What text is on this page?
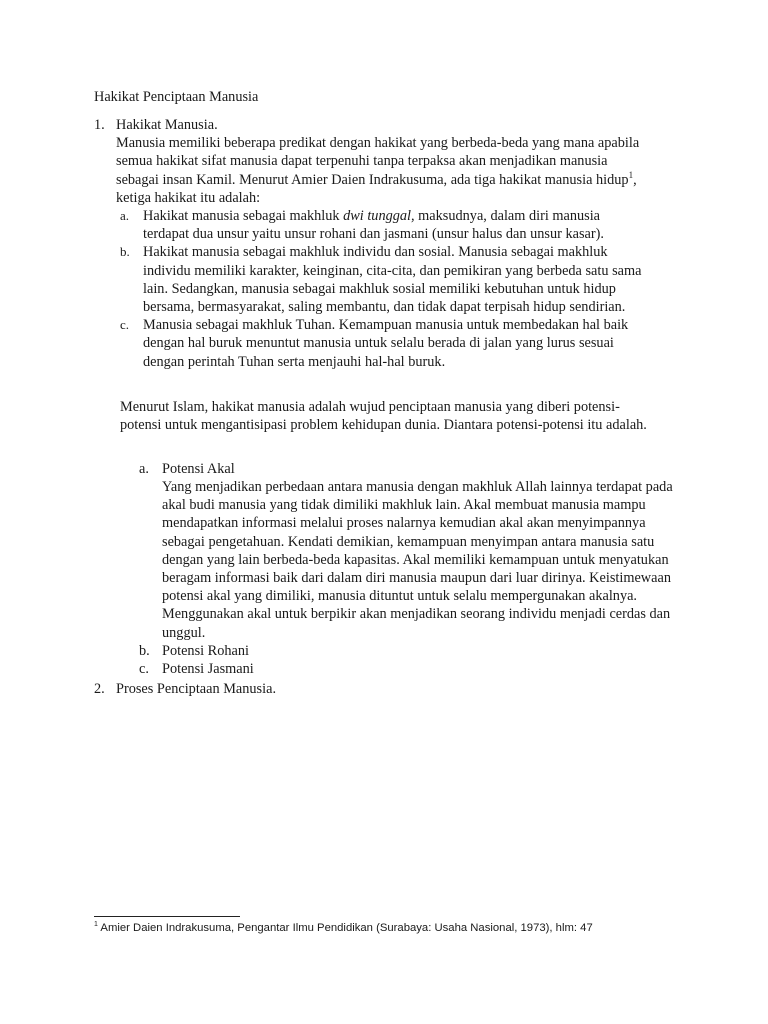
Hakikat Penciptaan Manusia
1. Hakikat Manusia.

Manusia memiliki beberapa predikat dengan hakikat yang berbeda-beda yang mana apabila semua hakikat sifat manusia dapat terpenuhi tanpa terpaksa akan menjadikan manusia sebagai insan Kamil. Menurut Amier Daien Indrakusuma, ada tiga hakikat manusia hidup$^1$, ketiga hakikat itu adalah:

a. Hakikat manusia sebagai makhluk dwi tunggal, maksudnya, dalam diri manusia terdapat dua unsur yaitu unsur rohani dan jasmani (unsur halus dan unsur kasar).
b. Hakikat manusia sebagai makhluk individu dan sosial. Manusia sebagai makhluk individu memiliki karakter, keinginan, cita-cita, dan pemikiran yang berbeda satu sama lain. Sedangkan, manusia sebagai makhluk sosial memiliki kebutuhan untuk hidup bersama, bermasyarakat, saling membantu, dan tidak dapat terpisah hidup sendirian.
c. Manusia sebagai makhluk Tuhan. Kemampuan manusia untuk membedakan hal baik dengan hal buruk menuntut manusia untuk selalu berada di jalan yang lurus sesuai dengan perintah Tuhan serta menjauhi hal-hal buruk.

Menurut Islam, hakikat manusia adalah wujud penciptaan manusia yang diberi potensi-potensi untuk mengantisipasi problem kehidupan dunia. Diantara potensi-potensi itu adalah.

a. Potensi Akal

Yang menjadikan perbedaan antara manusia dengan makhluk Allah lainnya terdapat pada akal budi manusia yang tidak dimiliki makhluk lain. Akal membuat manusia mampu mendapatkan informasi melalui proses nalarnya kemudian akal akan menyimpannya sebagai pengetahuan. Kendati demikian, kemampuan menyimpan antara manusia satu dengan yang lain berbeda-beda kapasitas. Akal memiliki kemampuan untuk menyatukan beragam informasi baik dari dalam diri manusia maupun dari luar dirinya. Keistimewaan potensi akal yang dimiliki, manusia dituntut untuk selalu mempergunakan akalnya. Menggunakan akal untuk berpikir akan menjadikan seorang individu menjadi cerdas dan unggul.

b. Potensi Rohani
c. Potensi Jasmani
2. Proses Penciptaan Manusia.

$^1$ Amier Daien Indrakusuma, Pengantar Ilmu Pendidikan (Surabaya: Usaha Nasional, 1973), hlm: 47
